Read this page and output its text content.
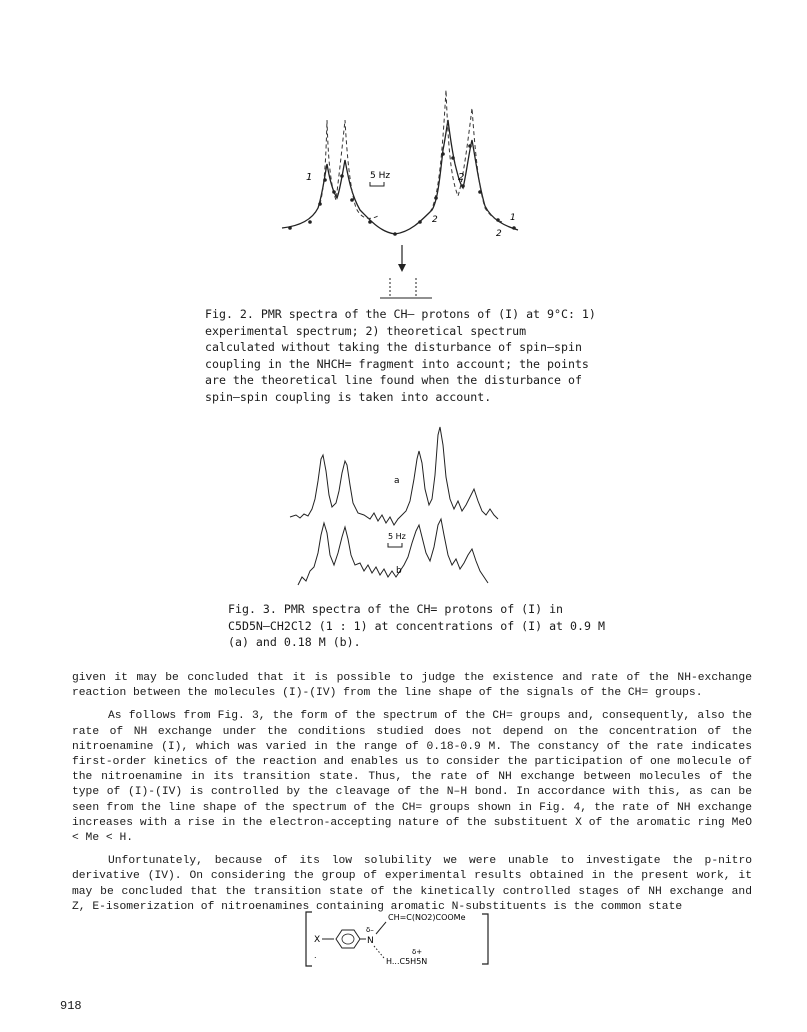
1	2
1
2
2
5 Hz
Fig. 2. PMR spectra of the CH– protons of (I) at 9°C: 1) experimental spectrum; 2) theoretical spectrum calculated without taking the disturbance of spin–spin coupling in the NHCH= fragment into account; the points are the theoretical line found when the disturbance of spin–spin coupling is taken into account.
a
b
5 Hz
Fig. 3. PMR spectra of the CH= protons of (I) in C5D5N–CH2Cl2 (1 : 1) at concentrations of (I) at 0.9 M (a) and 0.18 M (b).

given it may be concluded that it is possible to judge the existence and rate of the NH-exchange reaction between the molecules (I)-(IV) from the line shape of the signals of the CH= groups.

As follows from Fig. 3, the form of the spectrum of the CH= groups and, consequently, also the rate of NH exchange under the conditions studied does not depend on the concentration of the nitroenamine (I), which was varied in the range of 0.18-0.9 M. The constancy of the rate indicates first-order kinetics of the reaction and enables us to consider the participation of one molecule of the nitroenamine in its transition state. Thus, the rate of NH exchange between molecules of the type of (I)-(IV) is controlled by the cleavage of the N–H bond. In accordance with this, as can be seen from the line shape of the spectrum of the CH= groups shown in Fig. 4, the rate of NH exchange increases with a rise in the electron-accepting nature of the substituent X of the aromatic ring MeO < Me < H.

Unfortunately, because of its low solubility we were unable to investigate the p-nitro derivative (IV). On considering the group of experimental results obtained in the present work, it may be concluded that the transition state of the kinetically controlled stages of NH exchange and Z, E-isomerization of nitroenamines containing aromatic N-substituents is the common state

X	N
δ–
CH=C(NO2)COOMe
H...C5H5N
δ+
.
918
